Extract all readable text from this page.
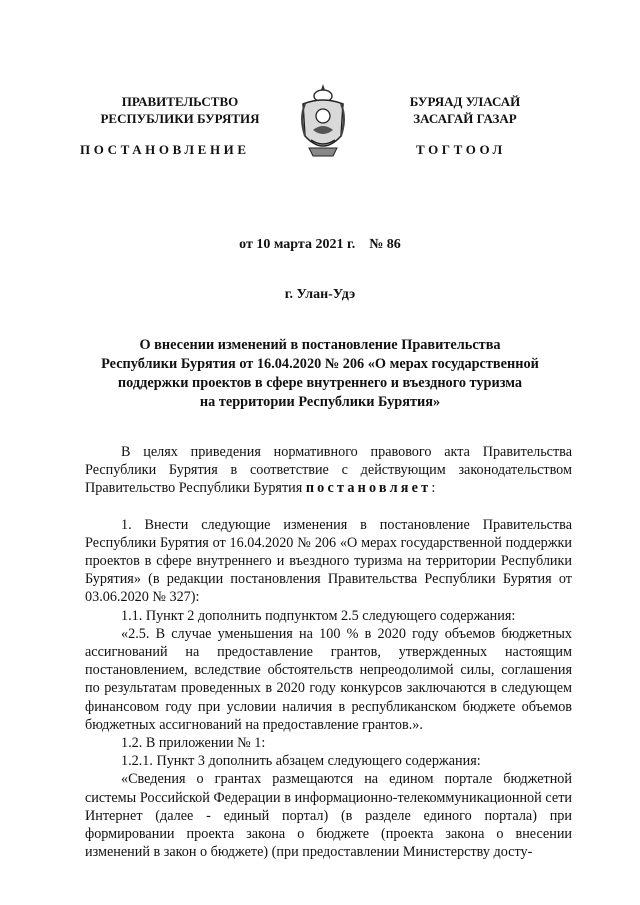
ПРАВИТЕЛЬСТВО
РЕСПУБЛИКИ БУРЯТИЯ
ПОСТАНОВЛЕНИЕ
БУРЯАД УЛАСАЙ
ЗАСАГАЙ ГАЗАР
ТОГТООЛ
от 10 марта 2021 г. № 86
г. Улан-Удэ
О внесении изменений в постановление Правительства
Республики Бурятия от 16.04.2020 № 206 «О мерах государственной
поддержки проектов в сфере внутреннего и въездного туризма
на территории Республики Бурятия»

В целях приведения нормативного правового акта Правительства Республики Бурятия в соответствие с действующим законодательством Правительство Республики Бурятия постановляет:

1. Внести следующие изменения в постановление Правительства Республики Бурятия от 16.04.2020 № 206 «О мерах государственной поддержки проектов в сфере внутреннего и въездного туризма на территории Республики Бурятия» (в редакции постановления Правительства Республики Бурятия от 03.06.2020 № 327):

1.1. Пункт 2 дополнить подпунктом 2.5 следующего содержания:

«2.5. В случае уменьшения на 100 % в 2020 году объемов бюджетных ассигнований на предоставление грантов, утвержденных настоящим постановлением, вследствие обстоятельств непреодолимой силы, соглашения по результатам проведенных в 2020 году конкурсов заключаются в следующем финансовом году при условии наличия в республиканском бюджете объемов бюджетных ассигнований на предоставление грантов.».

1.2. В приложении № 1:

1.2.1. Пункт 3 дополнить абзацем следующего содержания:

«Сведения о грантах размещаются на едином портале бюджетной системы Российской Федерации в информационно-телекоммуникационной сети Интернет (далее - единый портал) (в разделе единого портала) при формировании проекта закона о бюджете (проекта закона о внесении изменений в закон о бюджете) (при предоставлении Министерству досту-
